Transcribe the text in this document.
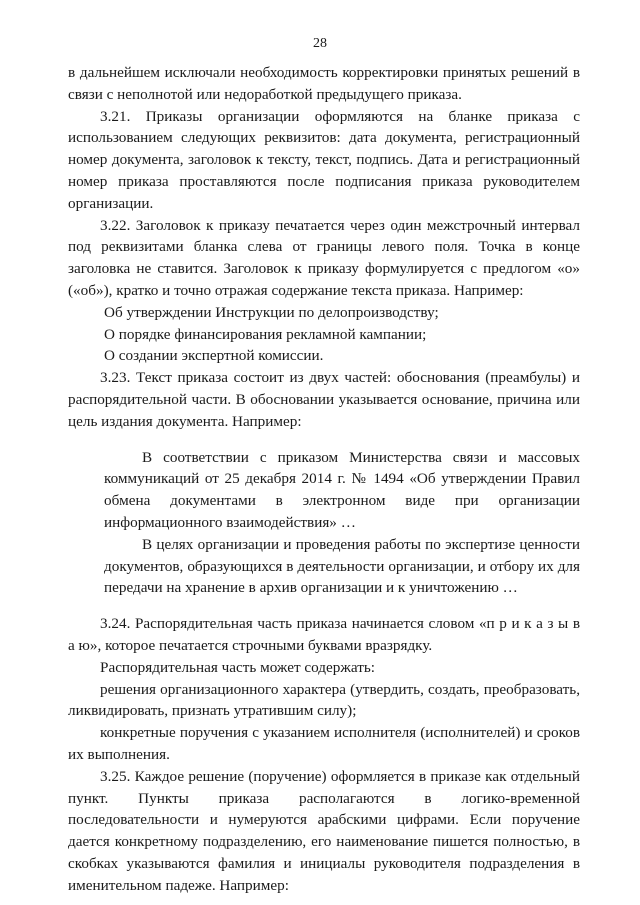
28

в дальнейшем исключали необходимость корректировки принятых решений в связи с неполнотой или недоработкой предыдущего приказа.

3.21. Приказы организации оформляются на бланке приказа с использованием следующих реквизитов: дата документа, регистрационный номер документа, заголовок к тексту, текст, подпись. Дата и регистрационный номер приказа проставляются после подписания приказа руководителем организации.

3.22. Заголовок к приказу печатается через один межстрочный интервал под реквизитами бланка слева от границы левого поля. Точка в конце заголовка не ставится. Заголовок к приказу формулируется с предлогом «о» («об»), кратко и точно отражая содержание текста приказа. Например:

Об утверждении Инструкции по делопроизводству;

О порядке финансирования рекламной кампании;

О создании экспертной комиссии.

3.23. Текст приказа состоит из двух частей: обоснования (преамбулы) и распорядительной части. В обосновании указывается основание, причина или цель издания документа. Например:

В соответствии с приказом Министерства связи и массовых коммуникаций от 25 декабря 2014 г. № 1494 «Об утверждении Правил обмена документами в электронном виде при организации информационного взаимодействия» …

В целях организации и проведения работы по экспертизе ценности документов, образующихся в деятельности организации, и отбору их для передачи на хранение в архив организации и к уничтожению …

3.24. Распорядительная часть приказа начинается словом «п р и к а з ы в а ю», которое печатается строчными буквами вразрядку.

Распорядительная часть может содержать:

решения организационного характера (утвердить, создать, преобразовать, ликвидировать, признать утратившим силу);

конкретные поручения с указанием исполнителя (исполнителей) и сроков их выполнения.

3.25. Каждое решение (поручение) оформляется в приказе как отдельный пункт. Пункты приказа располагаются в логико-временной последовательности и нумеруются арабскими цифрами. Если поручение дается конкретному подразделению, его наименование пишется полностью, в скобках указываются фамилия и инициалы руководителя подразделения в именительном падеже. Например:
